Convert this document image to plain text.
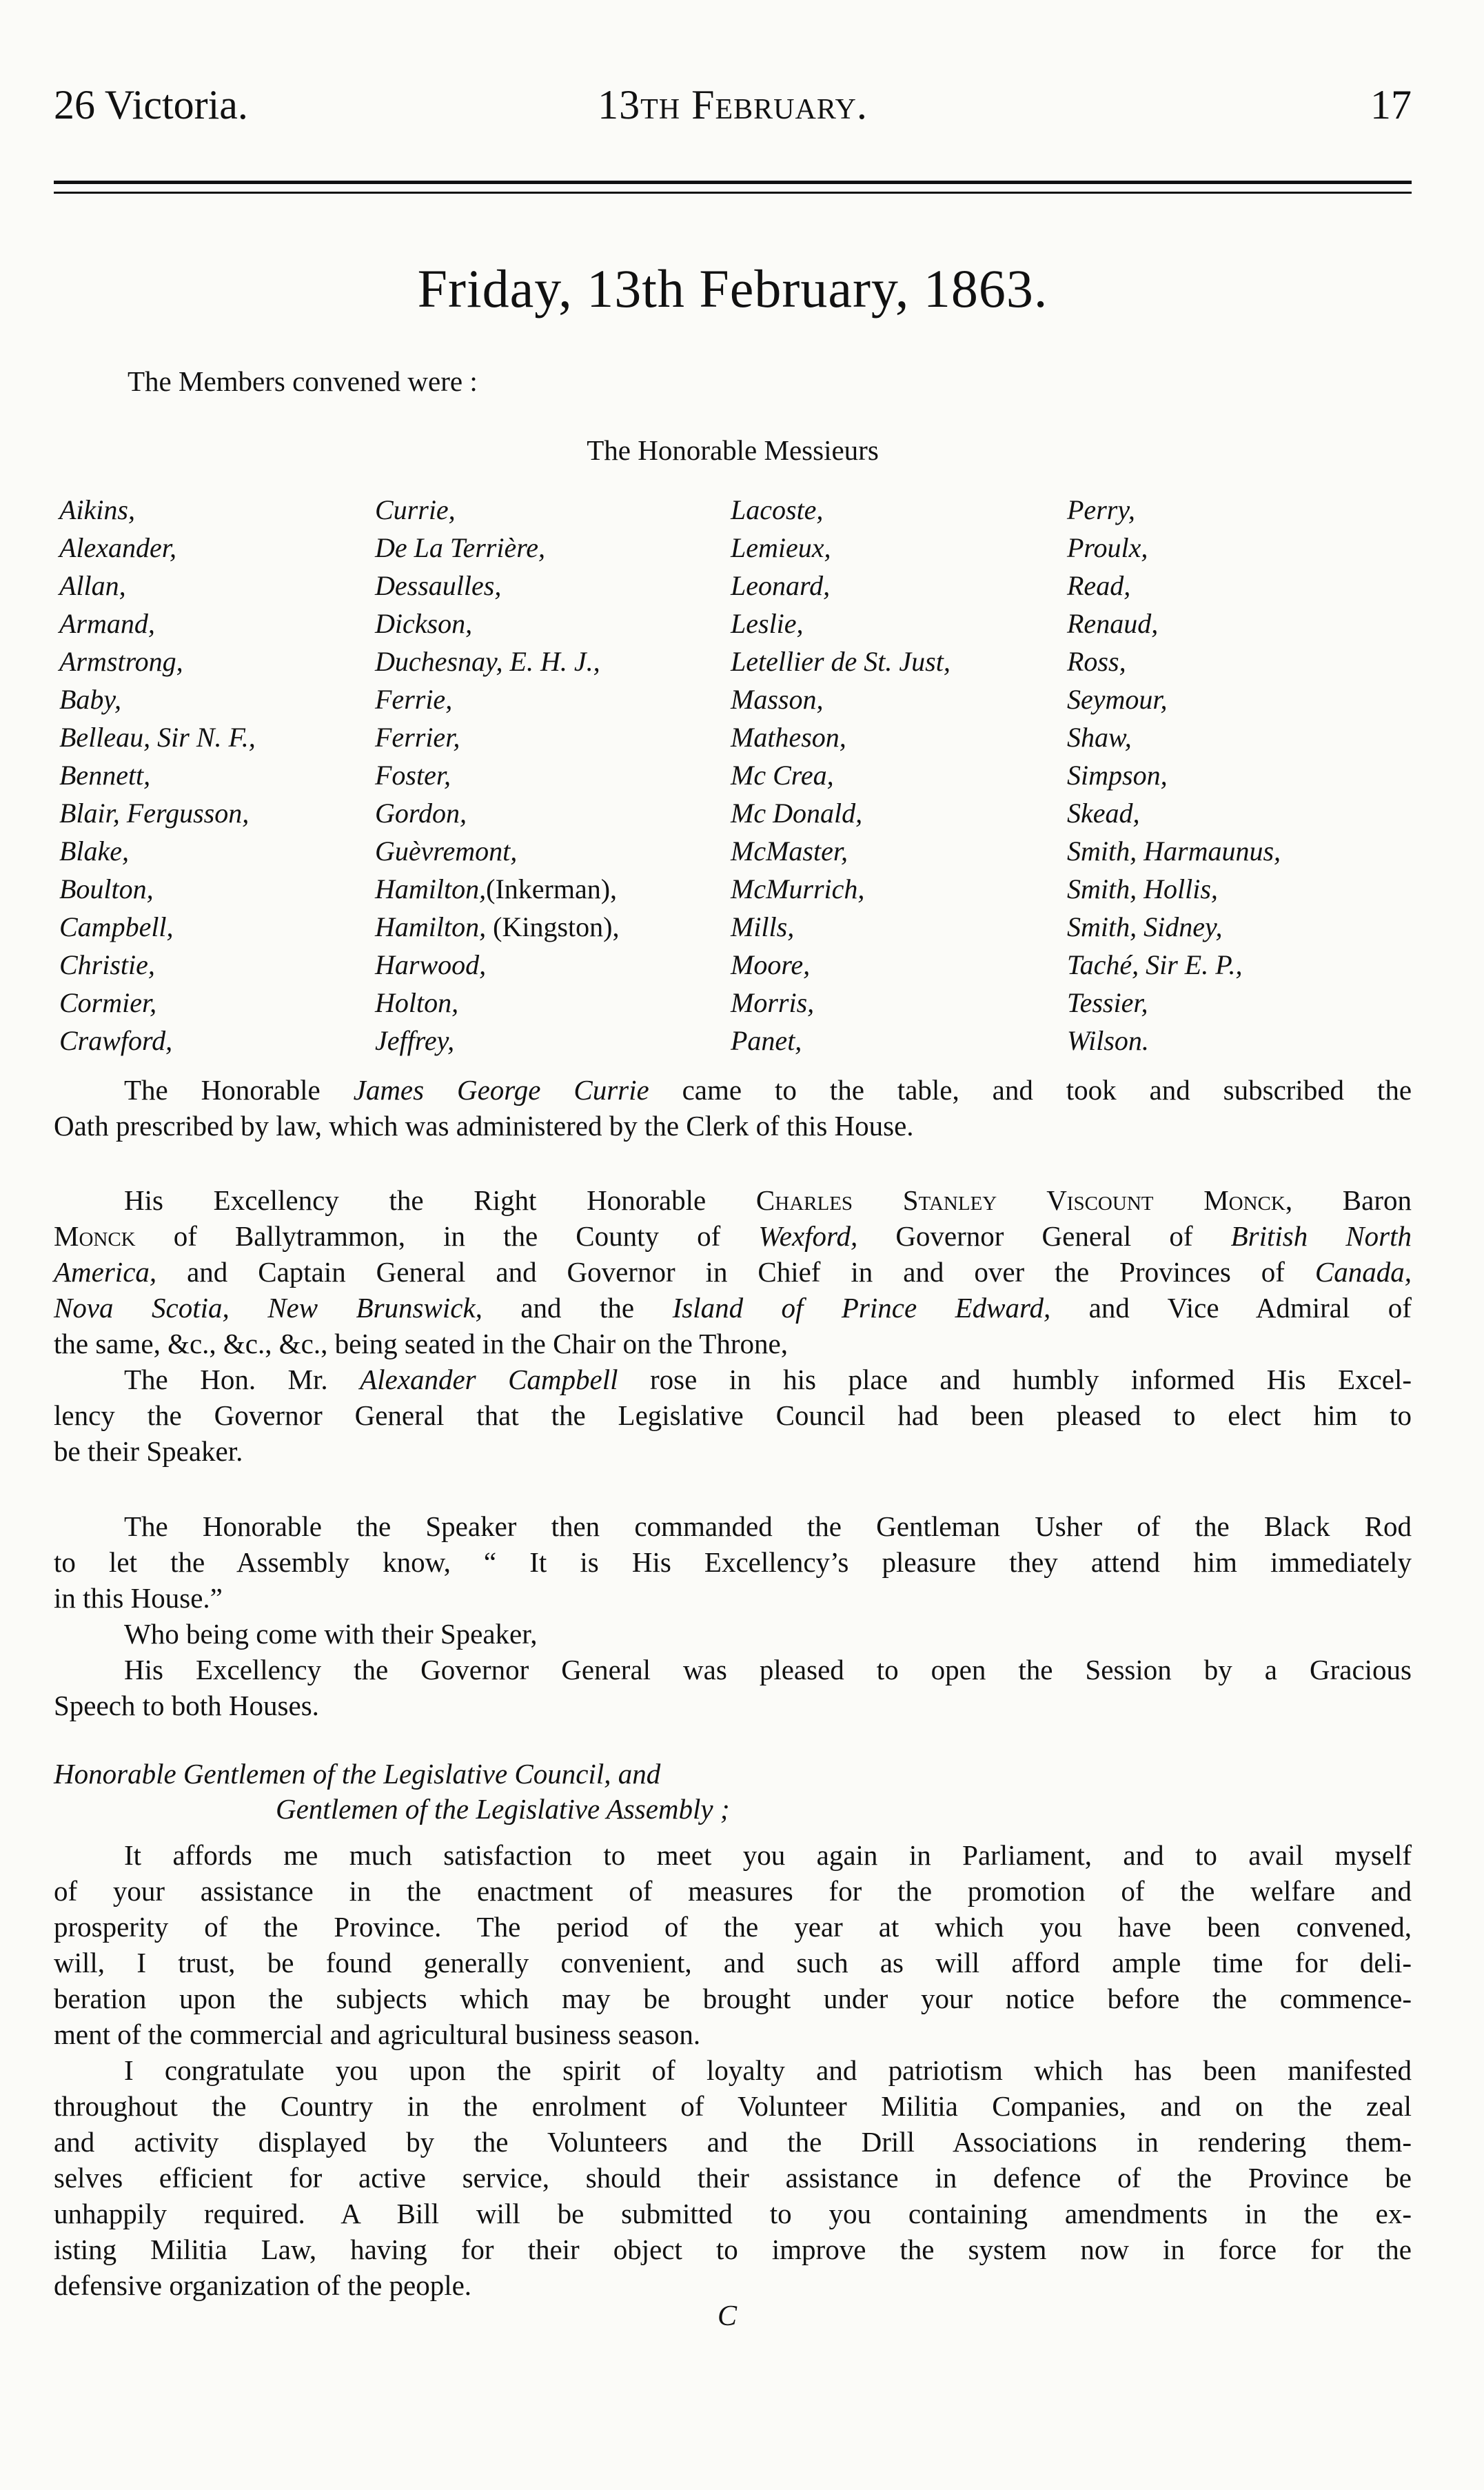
26 Victoria.	13th February.	17
Friday, 13th February, 1863.
The Members convened were :
The Honorable Messieurs
Aikins,
Alexander,
Allan,
Armand,
Armstrong,
Baby,
Belleau, Sir N. F.,
Bennett,
Blair, Fergusson,
Blake,
Boulton,
Campbell,
Christie,
Cormier,
Crawford,
Currie,
De La Terrière,
Dessaulles,
Dickson,
Duchesnay, E. H. J.,
Ferrie,
Ferrier,
Foster,
Gordon,
Guèvremont,
Hamilton,(Inkerman),
Hamilton, (Kingston),
Harwood,
Holton,
Jeffrey,
Lacoste,
Lemieux,
Leonard,
Leslie,
Letellier de St. Just,
Masson,
Matheson,
Mc Crea,
Mc Donald,
McMaster,
McMurrich,
Mills,
Moore,
Morris,
Panet,
Perry,
Proulx,
Read,
Renaud,
Ross,
Seymour,
Shaw,
Simpson,
Skead,
Smith, Harmaunus,
Smith, Hollis,
Smith, Sidney,
Taché, Sir E. P.,
Tessier,
Wilson.
The Honorable James George Currie came to the table, and took and subscribed the
Oath prescribed by law, which was administered by the Clerk of this House.
His Excellency the Right Honorable Charles Stanley Viscount Monck, Baron
Monck of Ballytrammon, in the County of Wexford, Governor General of British North
America, and Captain General and Governor in Chief in and over the Provinces of Canada,
Nova Scotia, New Brunswick, and the Island of Prince Edward, and Vice Admiral of
the same, &c., &c., &c., being seated in the Chair on the Throne,
The Hon. Mr. Alexander Campbell rose in his place and humbly informed His Excel-
lency the Governor General that the Legislative Council had been pleased to elect him to
be their Speaker.
The Honorable the Speaker then commanded the Gentleman Usher of the Black Rod
to let the Assembly know, “ It is His Excellency’s pleasure they attend him immediately
in this House.”
Who being come with their Speaker,
His Excellency the Governor General was pleased to open the Session by a Gracious
Speech to both Houses.
Honorable Gentlemen of the Legislative Council, and
Gentlemen of the Legislative Assembly ;
It affords me much satisfaction to meet you again in Parliament, and to avail myself
of your assistance in the enactment of measures for the promotion of the welfare and
prosperity of the Province. The period of the year at which you have been convened,
will, I trust, be found generally convenient, and such as will afford ample time for deli-
beration upon the subjects which may be brought under your notice before the commence-
ment of the commercial and agricultural business season.
I congratulate you upon the spirit of loyalty and patriotism which has been manifested
throughout the Country in the enrolment of Volunteer Militia Companies, and on the zeal
and activity displayed by the Volunteers and the Drill Associations in rendering them-
selves efficient for active service, should their assistance in defence of the Province be
unhappily required. A Bill will be submitted to you containing amendments in the ex-
isting Militia Law, having for their object to improve the system now in force for the
defensive organization of the people.
C
